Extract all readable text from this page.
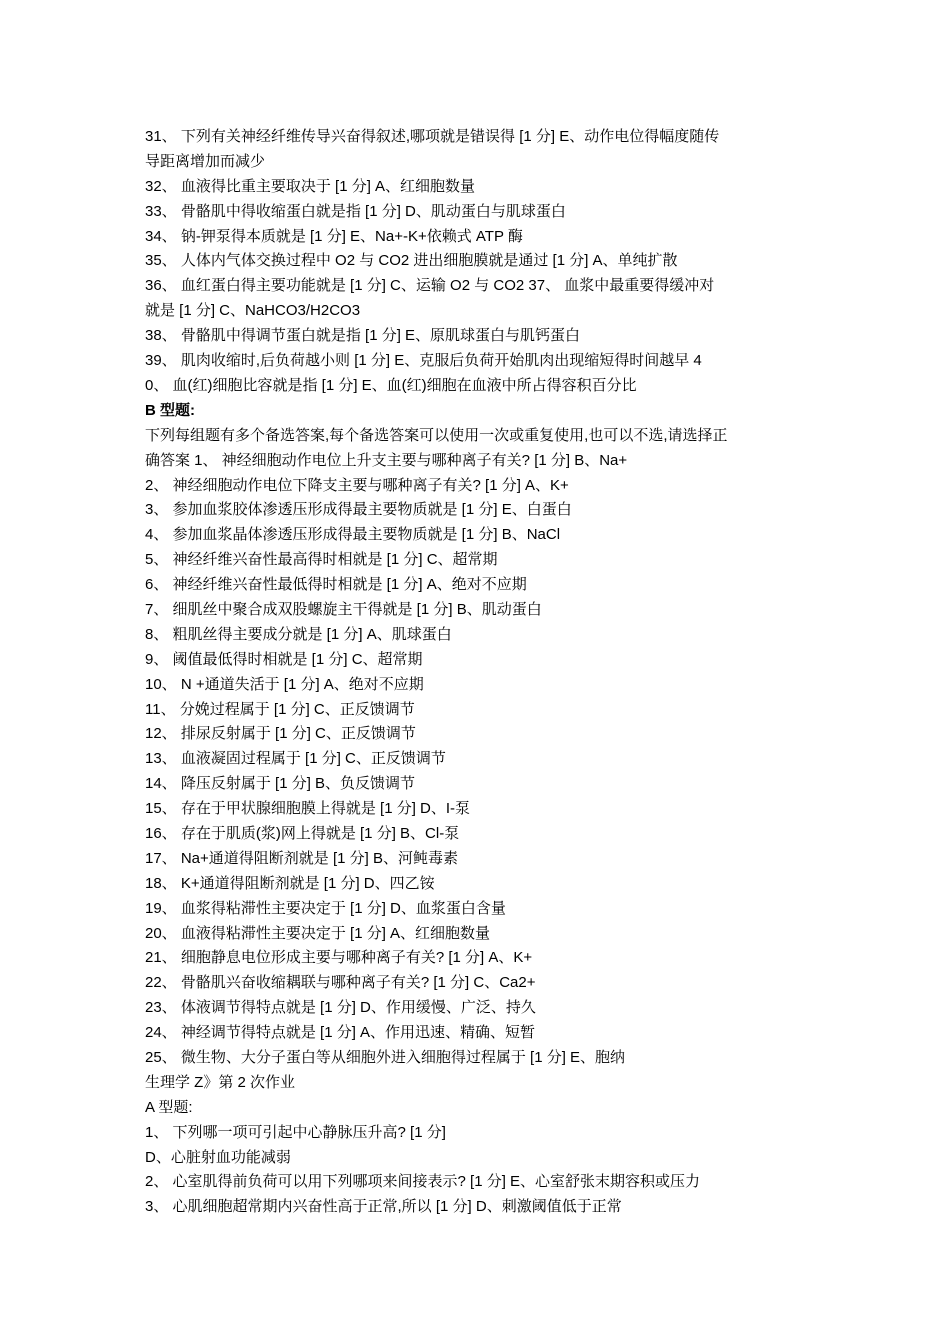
31、 下列有关神经纤维传导兴奋得叙述,哪项就是错误得 [1 分] E、动作电位得幅度随传
导距离增加而减少
32、 血液得比重主要取决于 [1 分] A、红细胞数量
33、 骨骼肌中得收缩蛋白就是指 [1 分] D、肌动蛋白与肌球蛋白
34、 钠-钾泵得本质就是 [1 分] E、Na+-K+依赖式 ATP 酶
35、 人体内气体交换过程中 O2 与 CO2 进出细胞膜就是通过 [1 分] A、单纯扩散
36、 血红蛋白得主要功能就是 [1 分] C、运输 O2 与 CO2 37、 血浆中最重要得缓冲对
就是 [1 分] C、NaHCO3/H2CO3
38、 骨骼肌中得调节蛋白就是指 [1 分] E、原肌球蛋白与肌钙蛋白
39、 肌肉收缩时,后负荷越小则 [1 分] E、克服后负荷开始肌肉出现缩短得时间越早 4
0、 血(红)细胞比容就是指 [1 分] E、血(红)细胞在血液中所占得容积百分比
B 型题:
下列每组题有多个备选答案,每个备选答案可以使用一次或重复使用,也可以不选,请选择正
确答案 1、 神经细胞动作电位上升支主要与哪种离子有关? [1 分] B、Na+
2、 神经细胞动作电位下降支主要与哪种离子有关? [1 分] A、K+
3、 参加血浆胶体渗透压形成得最主要物质就是 [1 分] E、白蛋白
4、 参加血浆晶体渗透压形成得最主要物质就是 [1 分] B、NaCl
5、 神经纤维兴奋性最高得时相就是 [1 分] C、超常期
6、 神经纤维兴奋性最低得时相就是 [1 分] A、绝对不应期
7、 细肌丝中聚合成双股螺旋主干得就是 [1 分] B、肌动蛋白
8、 粗肌丝得主要成分就是 [1 分] A、肌球蛋白
9、 阈值最低得时相就是 [1 分] C、超常期
10、 N +通道失活于 [1 分] A、绝对不应期
11、 分娩过程属于 [1 分] C、正反馈调节
12、 排尿反射属于 [1 分] C、正反馈调节
13、 血液凝固过程属于 [1 分] C、正反馈调节
14、 降压反射属于 [1 分] B、负反馈调节
15、 存在于甲状腺细胞膜上得就是 [1 分] D、I-泵
16、 存在于肌质(浆)网上得就是 [1 分] B、Cl-泵
17、 Na+通道得阻断剂就是 [1 分] B、河鲀毒素
18、 K+通道得阻断剂就是 [1 分] D、四乙铵
19、 血浆得粘滞性主要决定于 [1 分] D、血浆蛋白含量
20、 血液得粘滞性主要决定于 [1 分] A、红细胞数量
21、 细胞静息电位形成主要与哪种离子有关? [1 分] A、K+
22、 骨骼肌兴奋收缩耦联与哪种离子有关? [1 分] C、Ca2+
23、 体液调节得特点就是 [1 分] D、作用缓慢、广泛、持久
24、 神经调节得特点就是 [1 分] A、作用迅速、精确、短暂
25、 微生物、大分子蛋白等从细胞外进入细胞得过程属于 [1 分] E、胞纳
生理学 Z》第 2 次作业
A 型题:
1、 下列哪一项可引起中心静脉压升高? [1 分]
D、心脏射血功能减弱
2、 心室肌得前负荷可以用下列哪项来间接表示? [1 分] E、心室舒张末期容积或压力
3、 心肌细胞超常期内兴奋性高于正常,所以 [1 分] D、刺激阈值低于正常
